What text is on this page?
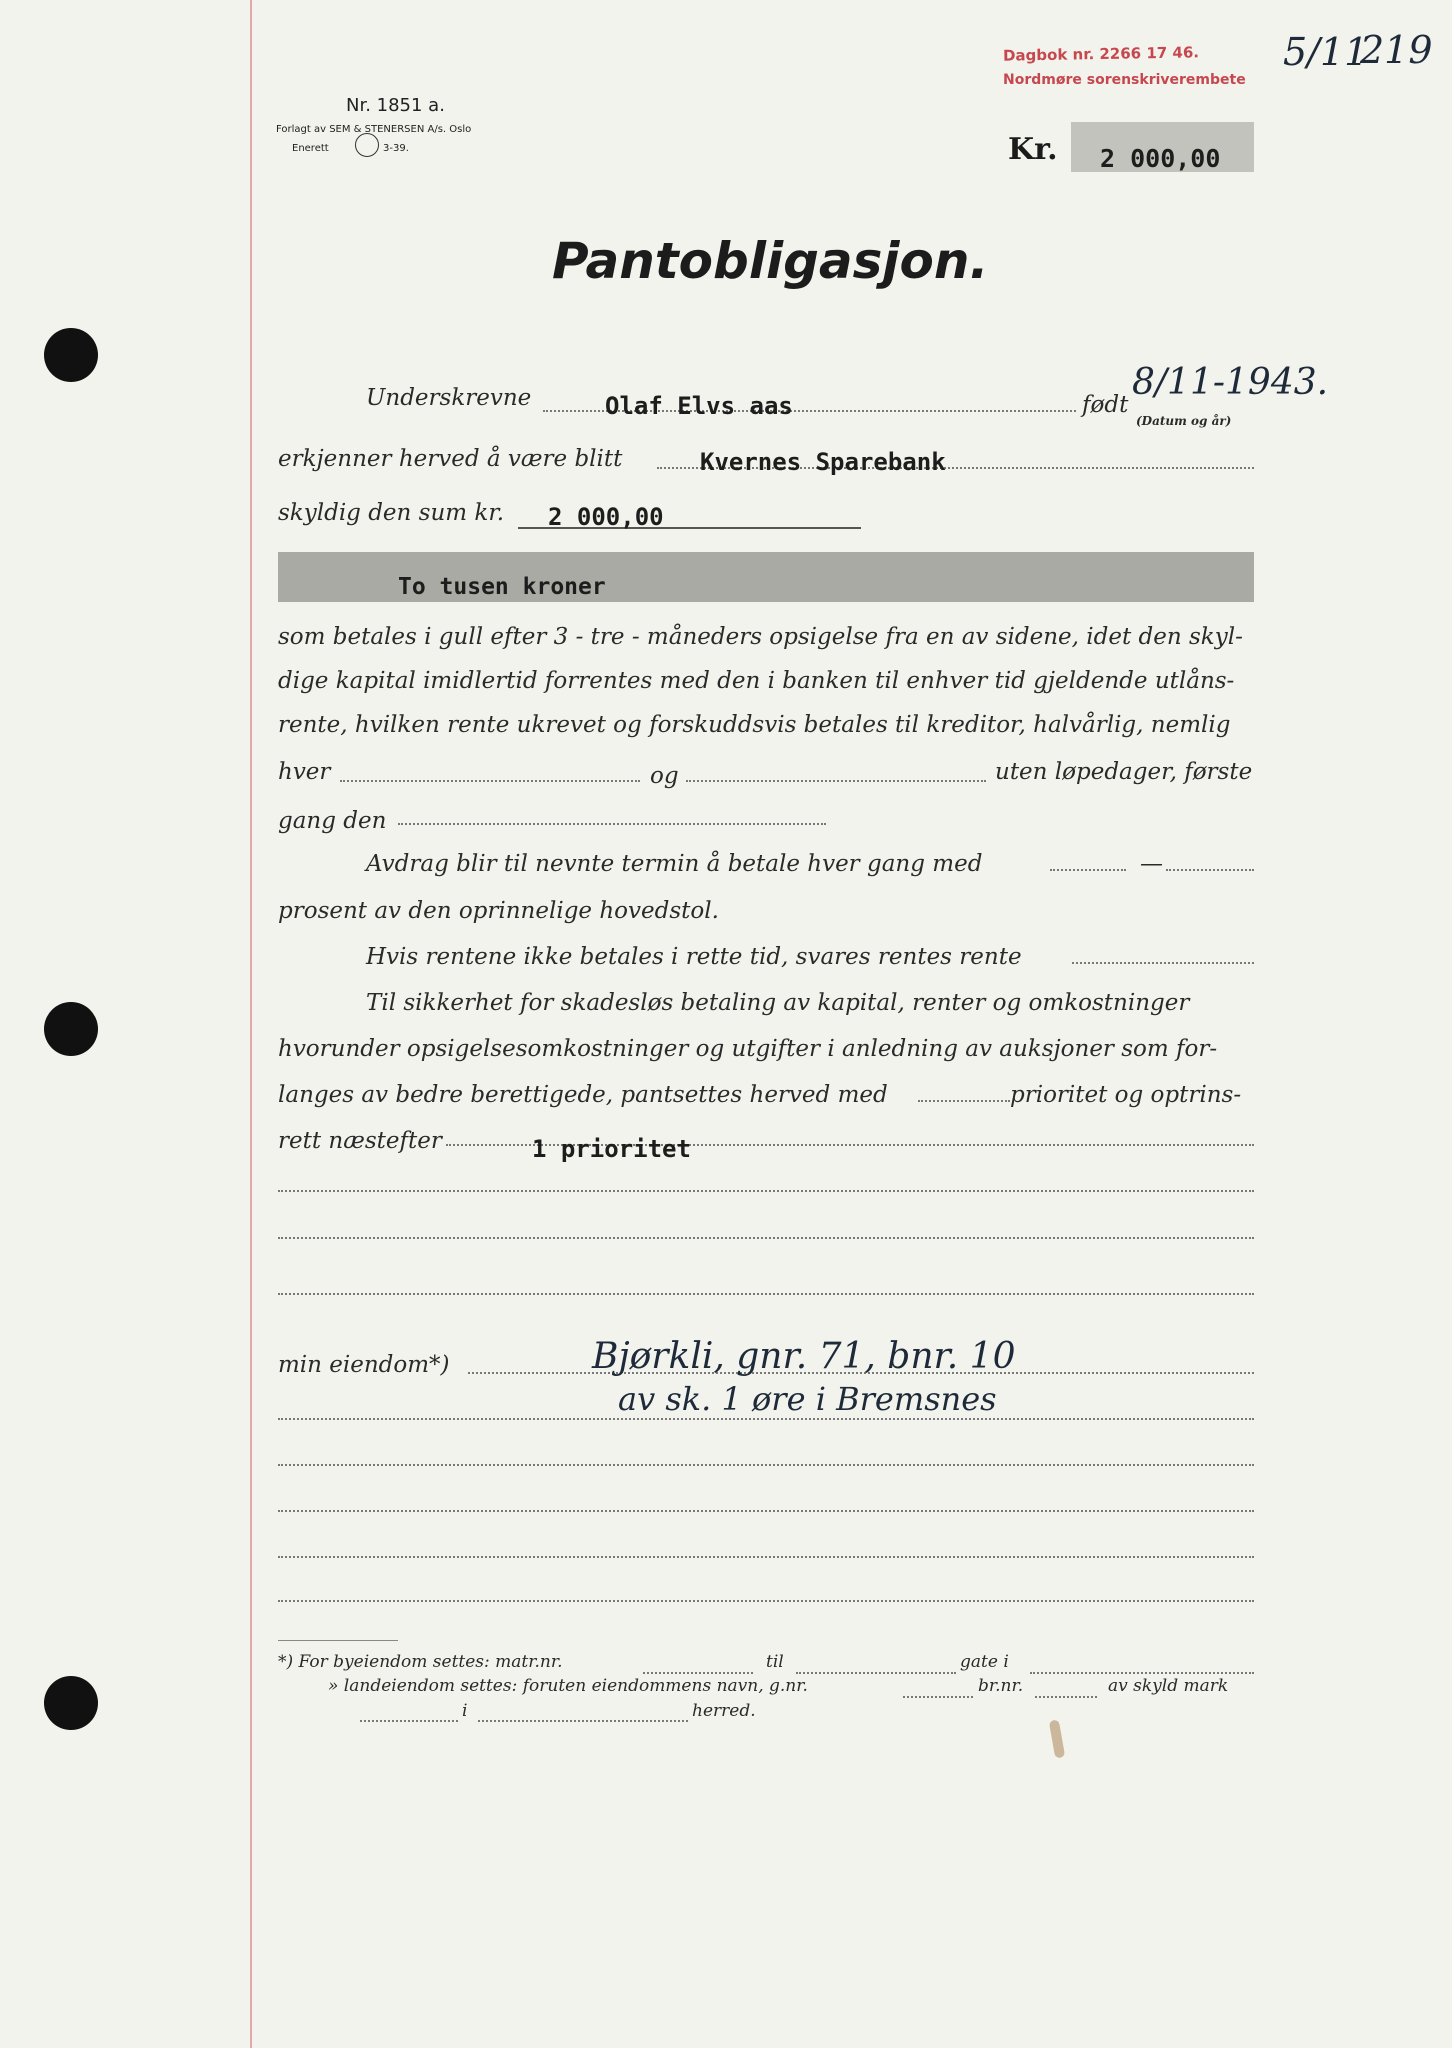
Nr. 1851 a.
Forlagt av SEM & STENERSEN A/s. Oslo
Enerett	3-39.
Dagbok nr. 2266 17 46.
Nordmøre sorenskriverembete
5/11
219
Kr. 2 000,00
Pantobligasjon.
Underskrevne	Olaf Elvs aas	født
8/11-1943.
(Datum og år)
erkjenner herved å være blitt	Kvernes Sparebank
skyldig den sum kr. 2 000,00
To tusen kroner
som betales i gull efter 3 - tre - måneders opsigelse fra en av sidene, idet den skyl-
dige kapital imidlertid forrentes med den i banken til enhver tid gjeldende utlåns-
rente, hvilken rente ukrevet og forskuddsvis betales til kreditor, halvårlig, nemlig
hver	og	uten løpedager, første
gang den
Avdrag blir til nevnte termin å betale hver gang med	—
prosent av den oprinnelige hovedstol.
Hvis rentene ikke betales i rette tid, svares rentes rente
Til sikkerhet for skadesløs betaling av kapital, renter og omkostninger
hvorunder opsigelsesomkostninger og utgifter i anledning av auksjoner som for-
langes av bedre berettigede, pantsettes herved med	prioritet og optrins-
rett næstefter	1 prioritet
min eiendom*)	Bjørkli, gnr. 71, bnr. 10
av sk. 1 øre i Bremsnes
*) For byeiendom settes: matr.nr.	til	gate i
» landeiendom settes: foruten eiendommens navn, g.nr.	br.nr.	av skyld mark
i	herred.
